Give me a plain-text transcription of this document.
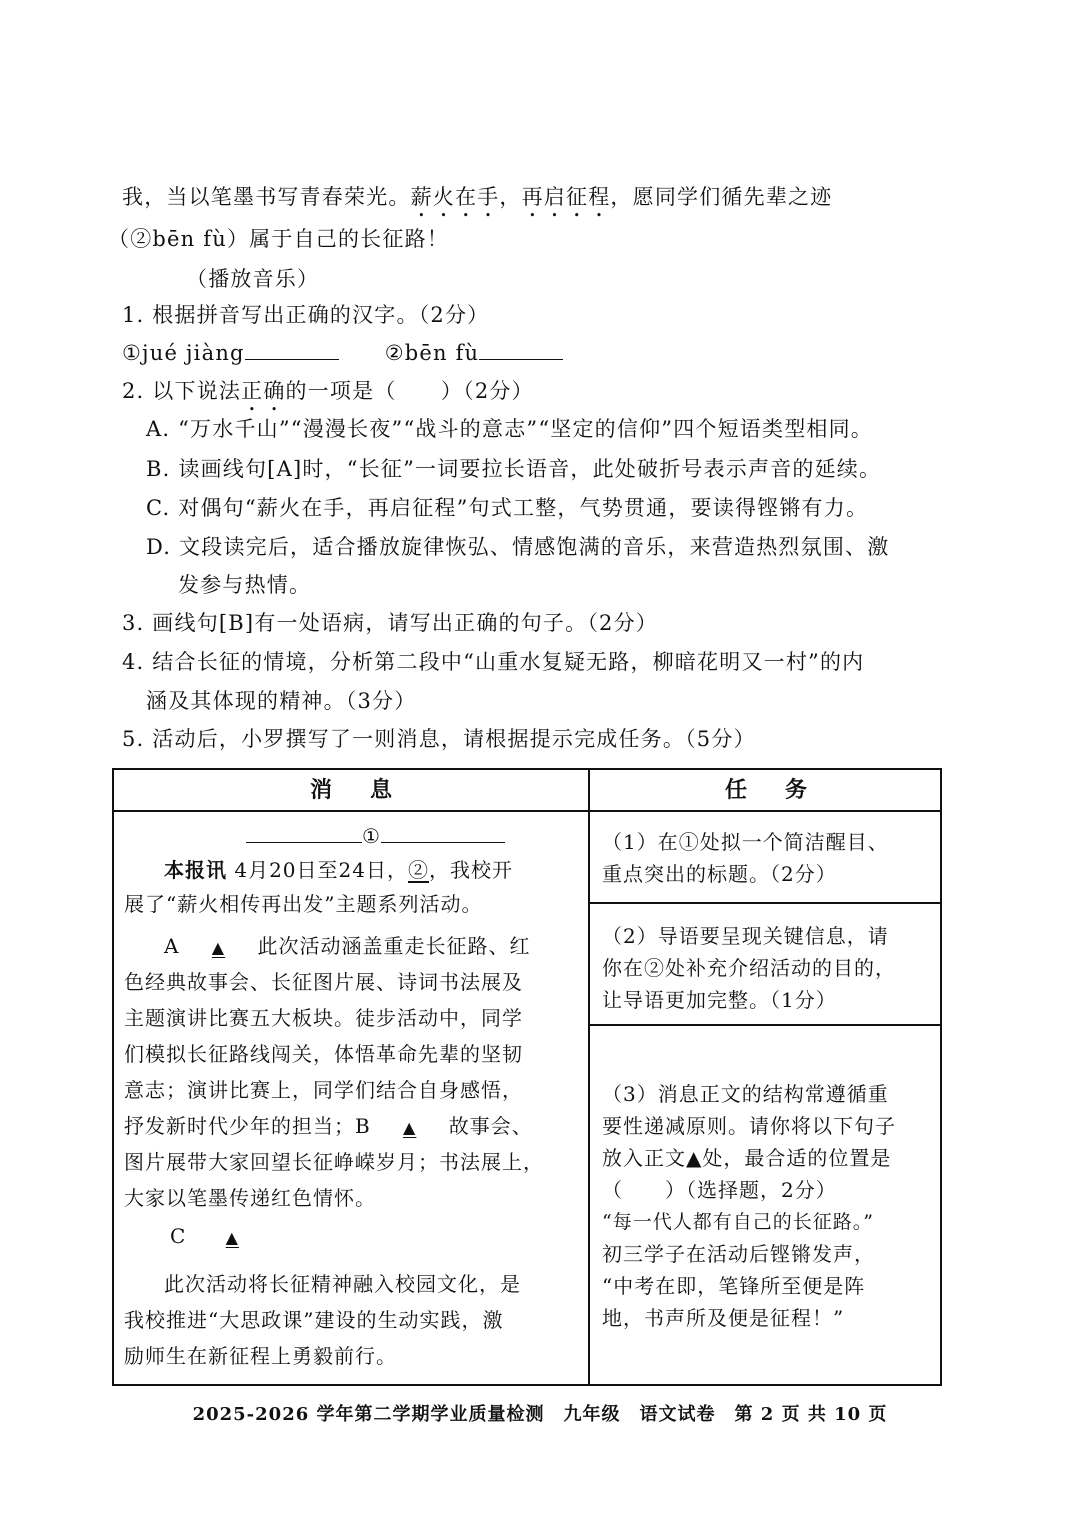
我，当以笔墨书写青春荣光。薪火在手，再启征程，愿同学们循先辈之迹
（②bēn fù）属于自己的长征路！
（播放音乐）
1. 根据拼音写出正确的汉字。（2分）
①jué jiàng	②bēn fù
2. 以下说法正确的一项是（　　）（2分）
A. “万水千山”“漫漫长夜”“战斗的意志”“坚定的信仰”四个短语类型相同。
B. 读画线句[A]时，“长征”一词要拉长语音，此处破折号表示声音的延续。
C. 对偶句“薪火在手，再启征程”句式工整，气势贯通，要读得铿锵有力。
D. 文段读完后，适合播放旋律恢弘、情感饱满的音乐，来营造热烈氛围、激
发参与热情。
3. 画线句[B]有一处语病，请写出正确的句子。（2分）
4. 结合长征的情境，分析第二段中“山重水复疑无路，柳暗花明又一村”的内
涵及其体现的精神。（3分）
5. 活动后，小罗撰写了一则消息，请根据提示完成任务。（5分）
消息	任务
①
本报讯 4月20日至24日，②，我校开
展了“薪火相传再出发”主题系列活动。
A ▲ 此次活动涵盖重走长征路、红
色经典故事会、长征图片展、诗词书法展及
主题演讲比赛五大板块。徒步活动中，同学
们模拟长征路线闯关，体悟革命先辈的坚韧
意志；演讲比赛上，同学们结合自身感悟，
抒发新时代少年的担当；B ▲ 故事会、
图片展带大家回望长征峥嵘岁月；书法展上，
大家以笔墨传递红色情怀。
C ▲
此次活动将长征精神融入校园文化，是
我校推进“大思政课”建设的生动实践，激
励师生在新征程上勇毅前行。
（1）在①处拟一个简洁醒目、
重点突出的标题。（2分）
（2）导语要呈现关键信息，请
你在②处补充介绍活动的目的，
让导语更加完整。（1分）
（3）消息正文的结构常遵循重
要性递减原则。请你将以下句子
放入正文▲处，最合适的位置是
（　　）（选择题，2分）
“每一代人都有自己的长征路。”
初三学子在活动后铿锵发声，
“中考在即，笔锋所至便是阵
地，书声所及便是征程！”
2025-2026 学年第二学期学业质量检测　九年级　语文试卷　第 2 页 共 10 页
